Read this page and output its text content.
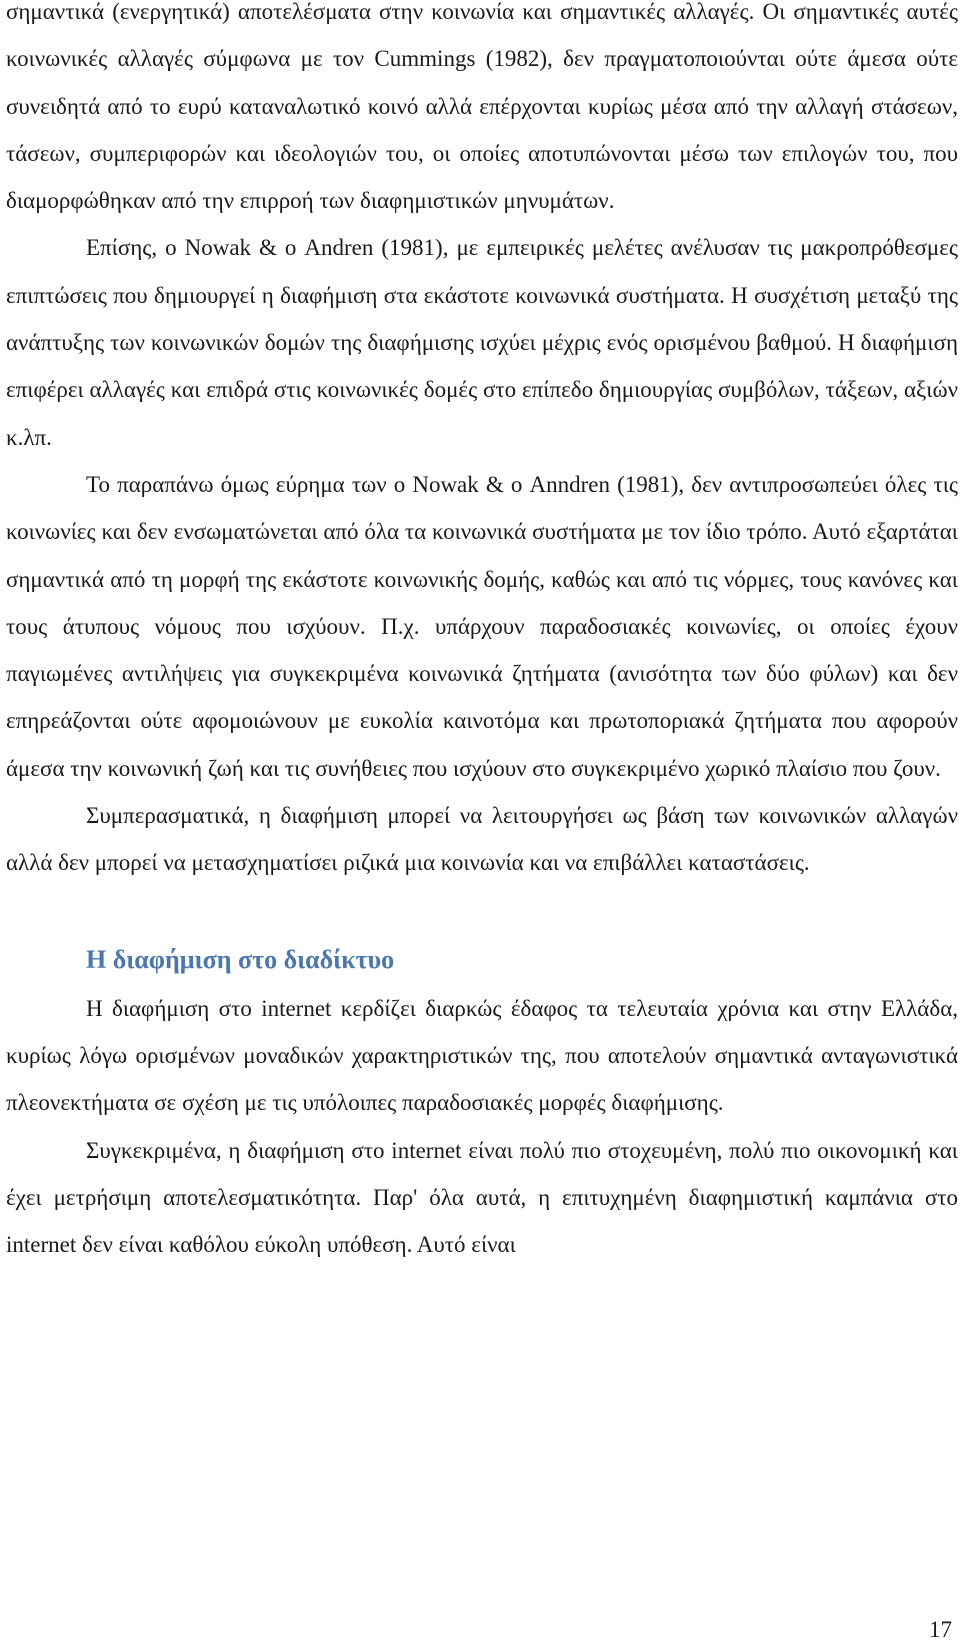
σημαντικά (ενεργητικά) αποτελέσματα στην κοινωνία και σημαντικές αλλαγές. Οι σημαντικές αυτές κοινωνικές αλλαγές σύμφωνα με τον Cummings (1982), δεν πραγματοποιούνται ούτε άμεσα ούτε συνειδητά από το ευρύ καταναλωτικό κοινό αλλά επέρχονται κυρίως μέσα από την αλλαγή στάσεων, τάσεων, συμπεριφορών και ιδεολογιών του, οι οποίες αποτυπώνονται μέσω των επιλογών του, που διαμορφώθηκαν από την επιρροή των διαφημιστικών μηνυμάτων.

Επίσης, ο Nowak & ο Andren (1981), με εμπειρικές μελέτες ανέλυσαν τις μακροπρόθεσμες επιπτώσεις που δημιουργεί η διαφήμιση στα εκάστοτε κοινωνικά συστήματα. Η συσχέτιση μεταξύ της ανάπτυξης των κοινωνικών δομών της διαφήμισης ισχύει μέχρις ενός ορισμένου βαθμού. Η διαφήμιση επιφέρει αλλαγές και επιδρά στις κοινωνικές δομές στο επίπεδο δημιουργίας συμβόλων, τάξεων, αξιών κ.λπ.

Το παραπάνω όμως εύρημα των ο Nowak & ο Anndren (1981), δεν αντιπροσωπεύει όλες τις κοινωνίες και δεν ενσωματώνεται από όλα τα κοινωνικά συστήματα με τον ίδιο τρόπο. Αυτό εξαρτάται σημαντικά από τη μορφή της εκάστοτε κοινωνικής δομής, καθώς και από τις νόρμες, τους κανόνες και τους άτυπους νόμους που ισχύουν. Π.χ. υπάρχουν παραδοσιακές κοινωνίες, οι οποίες έχουν παγιωμένες αντιλήψεις για συγκεκριμένα κοινωνικά ζητήματα (ανισότητα των δύο φύλων) και δεν επηρεάζονται ούτε αφομοιώνουν με ευκολία καινοτόμα και πρωτοποριακά ζητήματα που αφορούν άμεσα την κοινωνική ζωή και τις συνήθειες που ισχύουν στο συγκεκριμένο χωρικό πλαίσιο που ζουν.

Συμπερασματικά, η διαφήμιση μπορεί να λειτουργήσει ως βάση των κοινωνικών αλλαγών αλλά δεν μπορεί να μετασχηματίσει ριζικά μια κοινωνία και να επιβάλλει καταστάσεις.

Η διαφήμιση στο διαδίκτυο

Η διαφήμιση στο internet κερδίζει διαρκώς έδαφος τα τελευταία χρόνια και στην Ελλάδα, κυρίως λόγω ορισμένων μοναδικών χαρακτηριστικών της, που αποτελούν σημαντικά ανταγωνιστικά πλεονεκτήματα σε σχέση με τις υπόλοιπες παραδοσιακές μορφές διαφήμισης.

Συγκεκριμένα, η διαφήμιση στο internet είναι πολύ πιο στοχευμένη, πολύ πιο οικονομική και έχει μετρήσιμη αποτελεσματικότητα. Παρ' όλα αυτά, η επιτυχημένη διαφημιστική καμπάνια στο internet δεν είναι καθόλου εύκολη υπόθεση. Αυτό είναι

17
